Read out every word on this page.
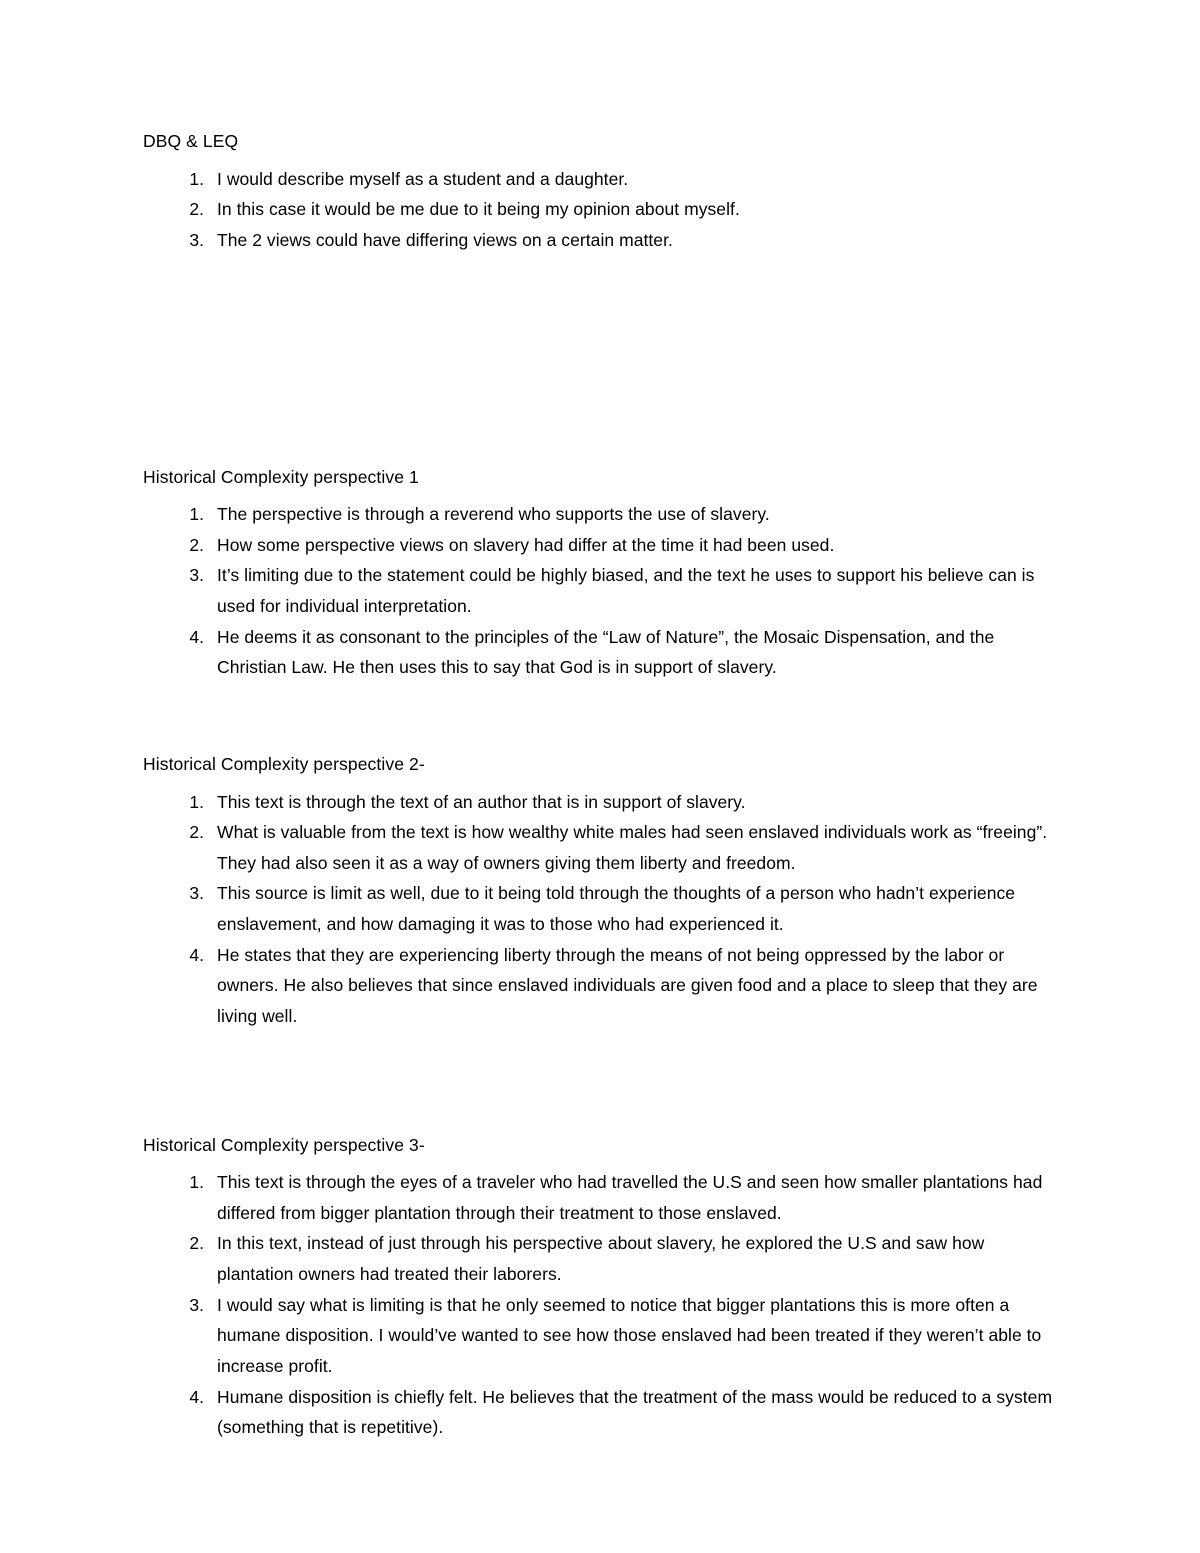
DBQ & LEQ

1. I would describe myself as a student and a daughter.
2. In this case it would be me due to it being my opinion about myself.
3. The 2 views could have differing views on a certain matter.

Historical Complexity perspective 1

1. The perspective is through a reverend who supports the use of slavery.
2. How some perspective views on slavery had differ at the time it had been used.
3. It’s limiting due to the statement could be highly biased, and the text he uses to support his believe can is used for individual interpretation.
4. He deems it as consonant to the principles of the “Law of Nature”, the Mosaic Dispensation, and the Christian Law. He then uses this to say that God is in support of slavery.

Historical Complexity perspective 2-

1. This text is through the text of an author that is in support of slavery.
2. What is valuable from the text is how wealthy white males had seen enslaved individuals work as “freeing”. They had also seen it as a way of owners giving them liberty and freedom.
3. This source is limit as well, due to it being told through the thoughts of a person who hadn’t experience enslavement, and how damaging it was to those who had experienced it.
4. He states that they are experiencing liberty through the means of not being oppressed by the labor or owners. He also believes that since enslaved individuals are given food and a place to sleep that they are living well.

Historical Complexity perspective 3-

1. This text is through the eyes of a traveler who had travelled the U.S and seen how smaller plantations had differed from bigger plantation through their treatment to those enslaved.
2. In this text, instead of just through his perspective about slavery, he explored the U.S and saw how plantation owners had treated their laborers.
3. I would say what is limiting is that he only seemed to notice that bigger plantations this is more often a humane disposition. I would’ve wanted to see how those enslaved had been treated if they weren’t able to increase profit.
4. Humane disposition is chiefly felt. He believes that the treatment of the mass would be reduced to a system (something that is repetitive).
